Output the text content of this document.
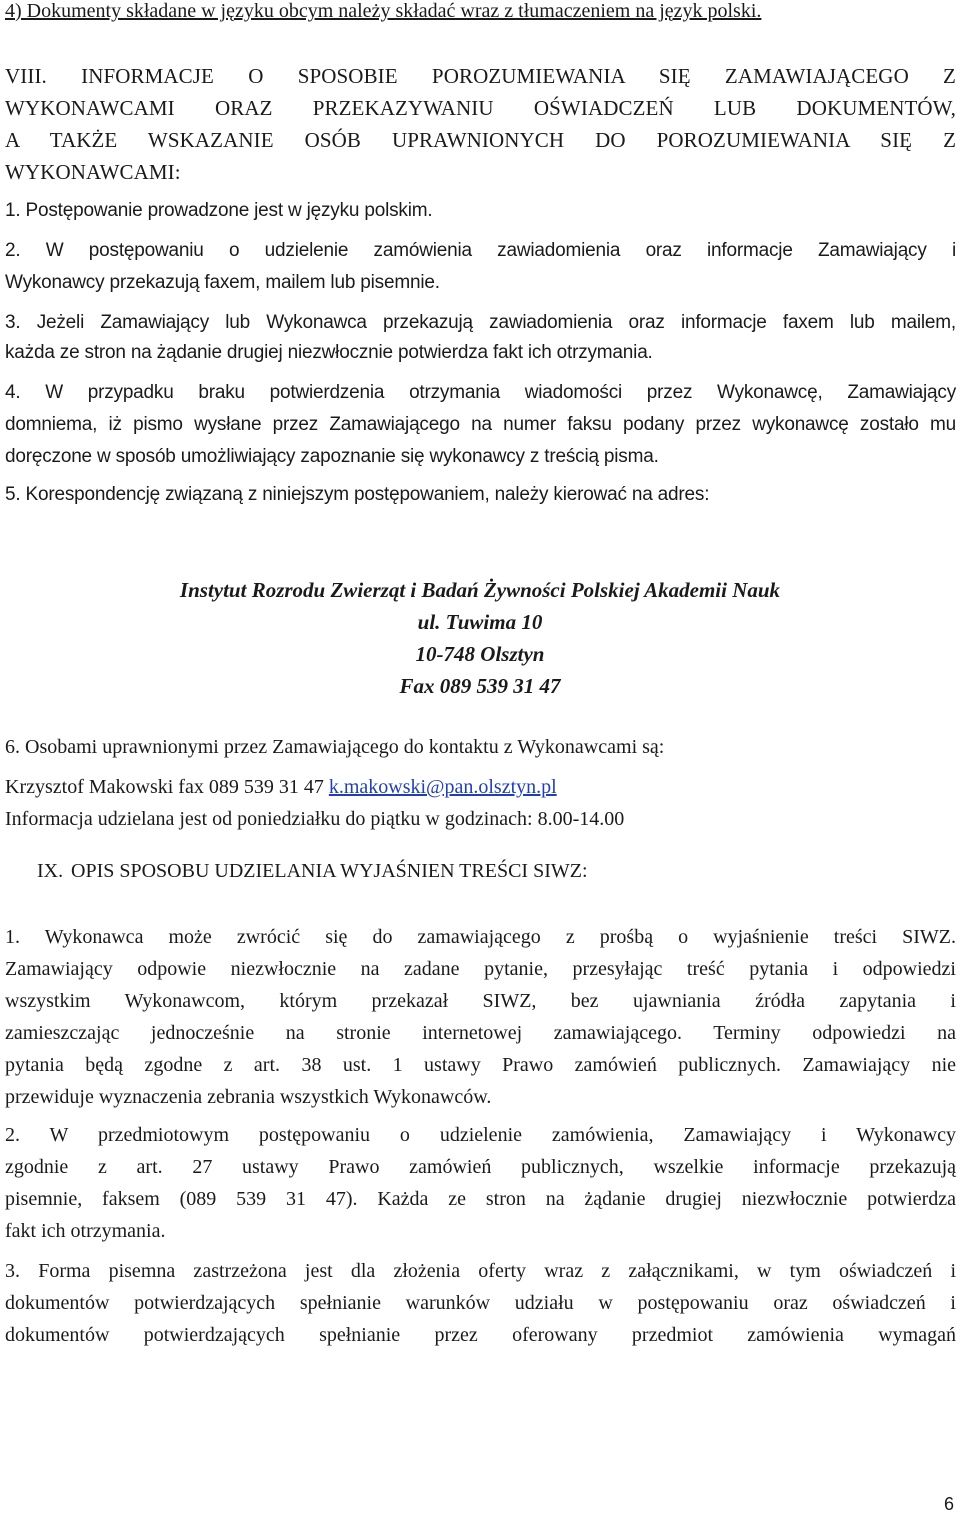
4) Dokumenty składane w języku obcym należy składać wraz z tłumaczeniem na język polski.
VIII. INFORMACJE O SPOSOBIE POROZUMIEWANIA SIĘ ZAMAWIAJĄCEGO Z
WYKONAWCAMI ORAZ PRZEKAZYWANIU OŚWIADCZEŃ LUB DOKUMENTÓW,
A TAKŻE WSKAZANIE OSÓB UPRAWNIONYCH DO POROZUMIEWANIA SIĘ Z
WYKONAWCAMI:
1. Postępowanie prowadzone jest w języku polskim.
2. W postępowaniu o udzielenie zamówienia zawiadomienia oraz informacje Zamawiający i
Wykonawcy przekazują faxem, mailem lub pisemnie.
3. Jeżeli Zamawiający lub Wykonawca przekazują zawiadomienia oraz informacje faxem lub mailem,
każda ze stron na żądanie drugiej niezwłocznie potwierdza fakt ich otrzymania.
4. W przypadku braku potwierdzenia otrzymania wiadomości przez Wykonawcę, Zamawiający
domniema, iż pismo wysłane przez Zamawiającego na numer faksu podany przez wykonawcę zostało mu
doręczone w sposób umożliwiający zapoznanie się wykonawcy z treścią pisma.
5. Korespondencję związaną z niniejszym postępowaniem, należy kierować na adres:
Instytut Rozrodu Zwierząt i Badań Żywności Polskiej Akademii Nauk
ul. Tuwima 10
10-748 Olsztyn
Fax 089 539 31 47
6. Osobami uprawnionymi przez Zamawiającego do kontaktu z Wykonawcami są:
Krzysztof Makowski fax 089 539 31 47 k.makowski@pan.olsztyn.pl
Informacja udzielana jest od poniedziałku do piątku w godzinach: 8.00-14.00
IX. OPIS SPOSOBU UDZIELANIA WYJAŚNIEN TREŚCI SIWZ:
1. Wykonawca może zwrócić się do zamawiającego z prośbą o wyjaśnienie treści SIWZ.
Zamawiający odpowie niezwłocznie na zadane pytanie, przesyłając treść pytania i odpowiedzi
wszystkim Wykonawcom, którym przekazał SIWZ, bez ujawniania źródła zapytania i
zamieszczając jednocześnie na stronie internetowej zamawiającego. Terminy odpowiedzi na
pytania będą zgodne z art. 38 ust. 1 ustawy Prawo zamówień publicznych. Zamawiający nie
przewiduje wyznaczenia zebrania wszystkich Wykonawców.
2. W przedmiotowym postępowaniu o udzielenie zamówienia, Zamawiający i Wykonawcy
zgodnie z art. 27 ustawy Prawo zamówień publicznych, wszelkie informacje przekazują
pisemnie, faksem (089 539 31 47). Każda ze stron na żądanie drugiej niezwłocznie potwierdza
fakt ich otrzymania.
3. Forma pisemna zastrzeżona jest dla złożenia oferty wraz z załącznikami, w tym oświadczeń i
dokumentów potwierdzających spełnianie warunków udziału w postępowaniu oraz oświadczeń i
dokumentów potwierdzających spełnianie przez oferowany przedmiot zamówienia wymagań
6
